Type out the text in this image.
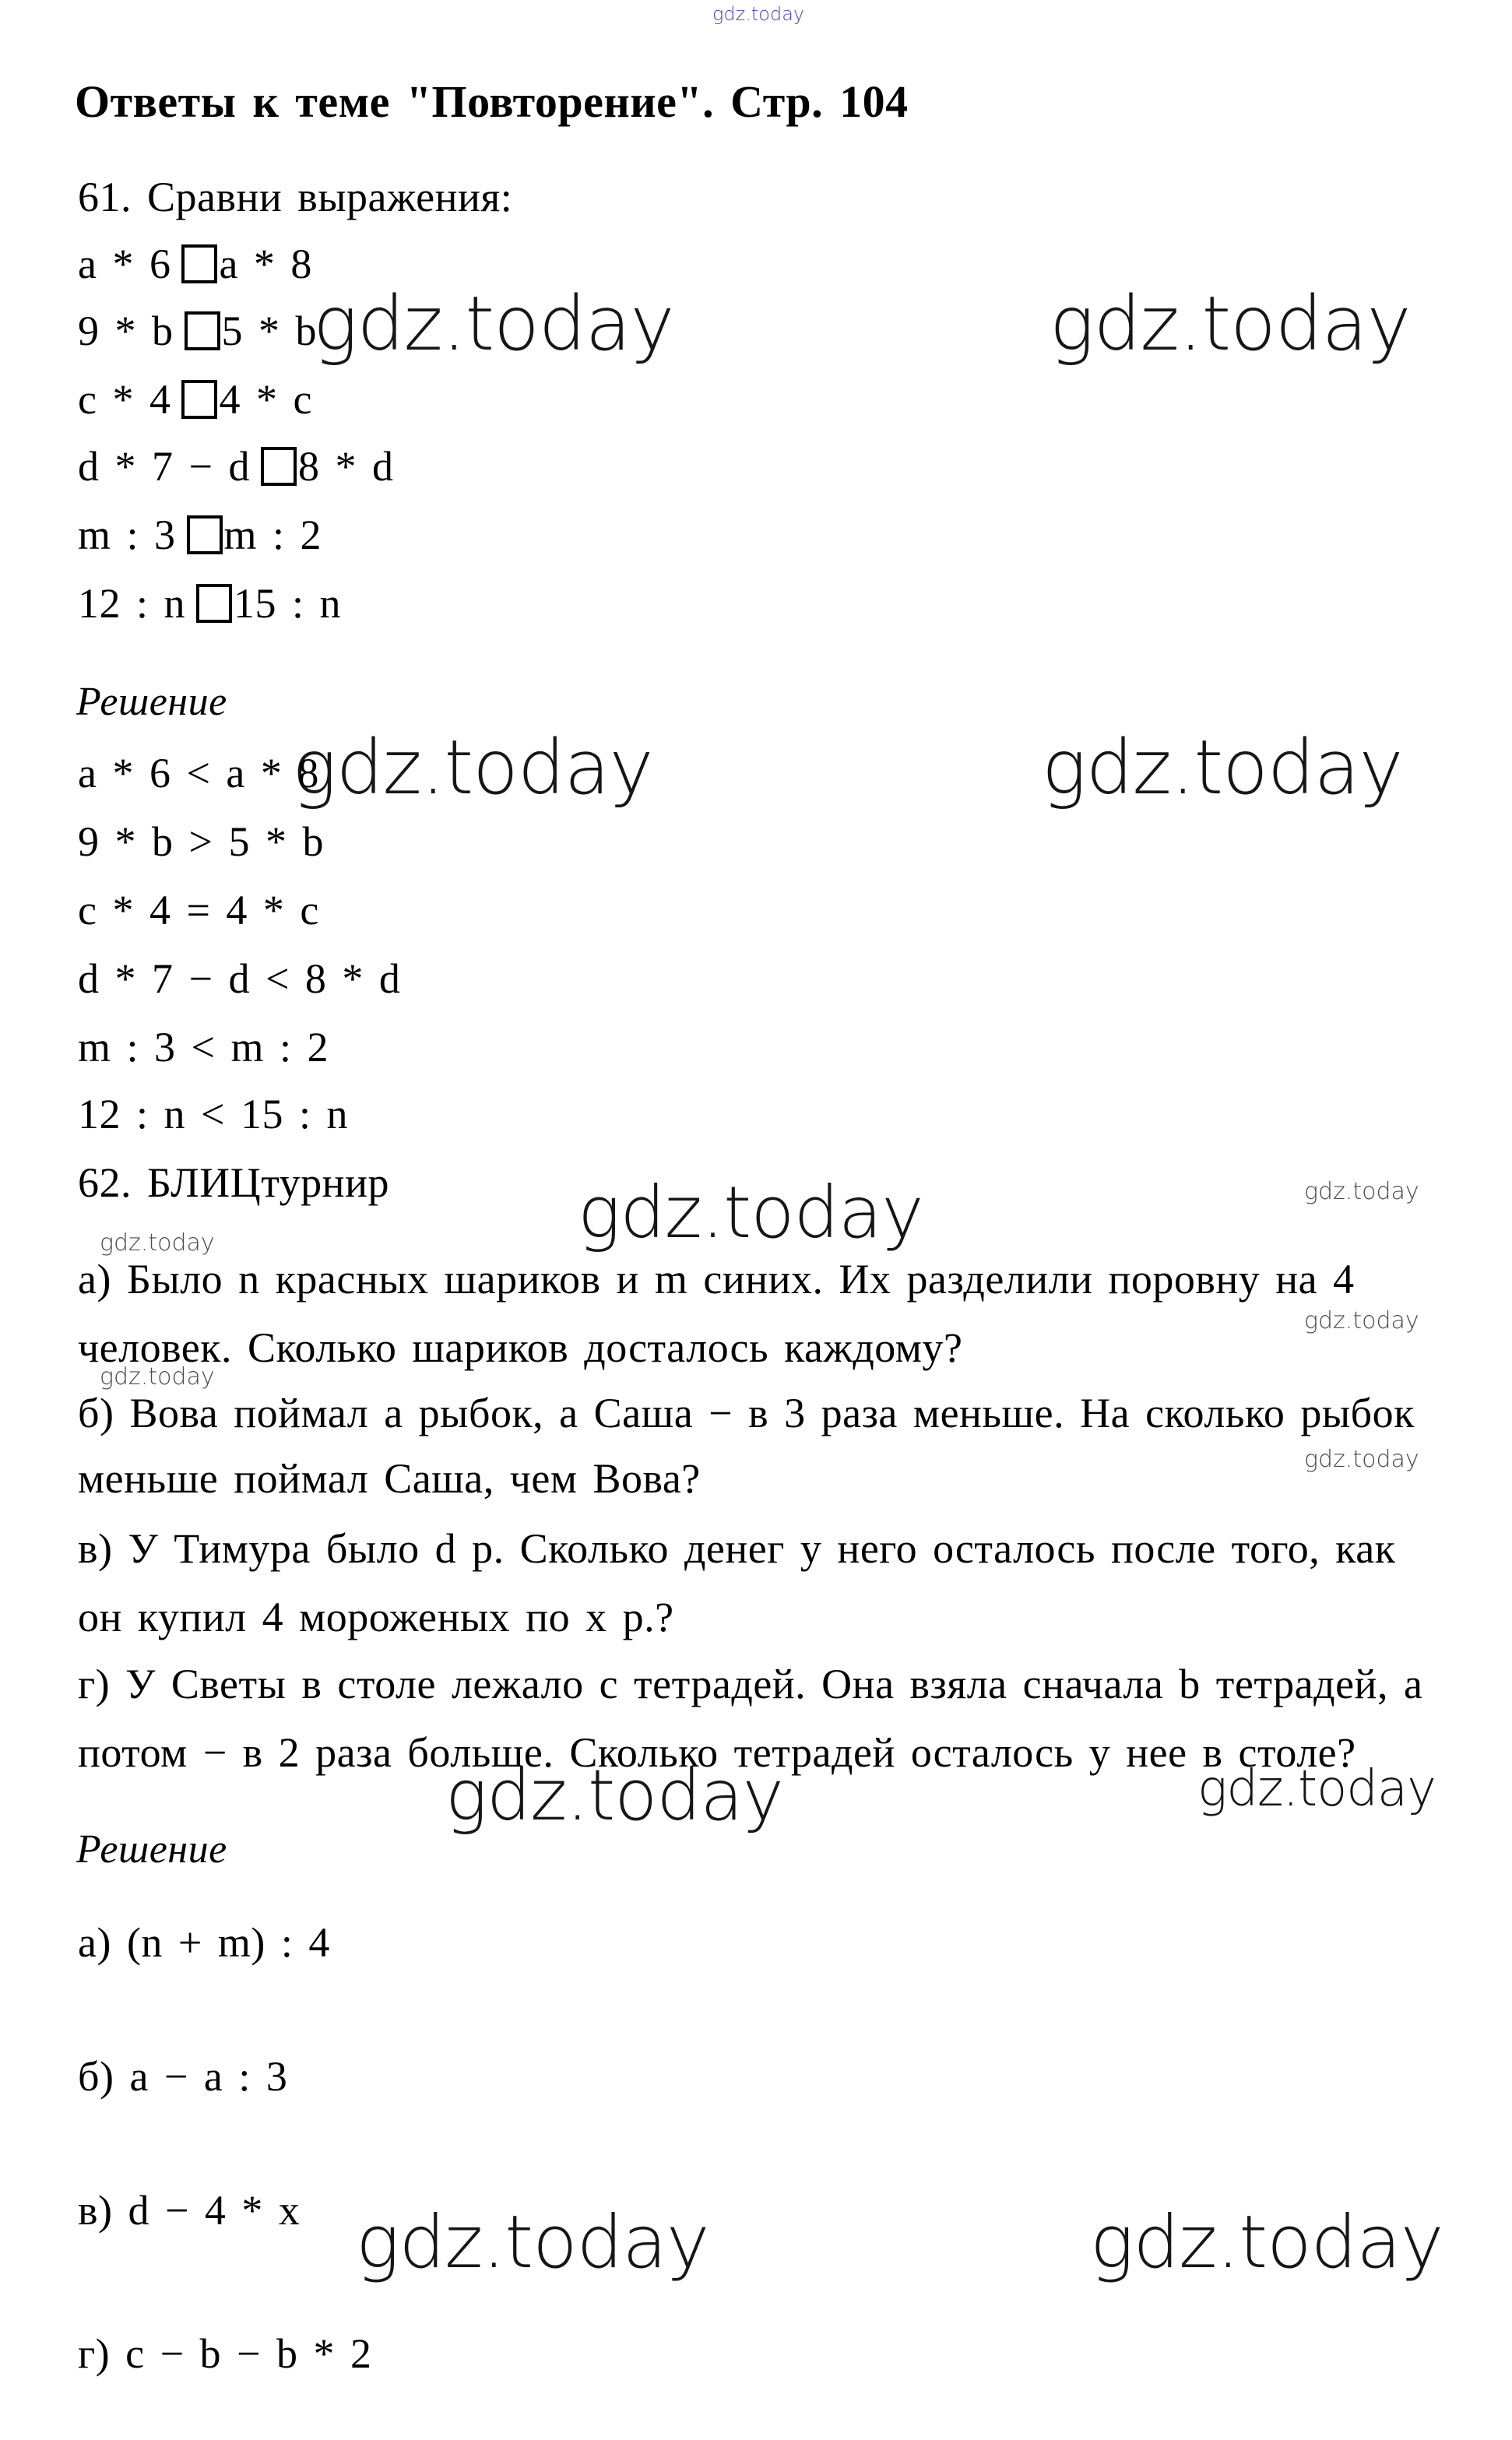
gdz.today
gdz.today	gdz.today
gdz.today	gdz.today
gdz.today	gdz.today
gdz.today
gdz.today
gdz.today
gdz.today
gdz.today	gdz.today
gdz.today	gdz.today
Ответы к теме "Повторение". Стр. 104
61. Сравни выражения:
a * 6 a * 8
9 * b 5 * b
c * 4 4 * c
d * 7 − d 8 * d
m : 3 m : 2
12 : n 15 : n
Решение
a * 6 < a * 8
9 * b > 5 * b
c * 4 = 4 * c
d * 7 − d < 8 * d
m : 3 < m : 2
12 : n < 15 : n
62. БЛИЦтурнир
а) Было n красных шариков и m синих. Их разделили поровну на 4
человек. Сколько шариков досталось каждому?
б) Вова поймал а рыбок, а Саша − в 3 раза меньше. На сколько рыбок
меньше поймал Саша, чем Вова?
в) У Тимура было d р. Сколько денег у него осталось после того, как
он купил 4 мороженых по x р.?
г) У Светы в столе лежало c тетрадей. Она взяла сначала b тетрадей, а
потом − в 2 раза больше. Сколько тетрадей осталось у нее в столе?
Решение
а) (n + m) : 4
б) a − a : 3
в) d − 4 * x
г) c − b − b * 2
